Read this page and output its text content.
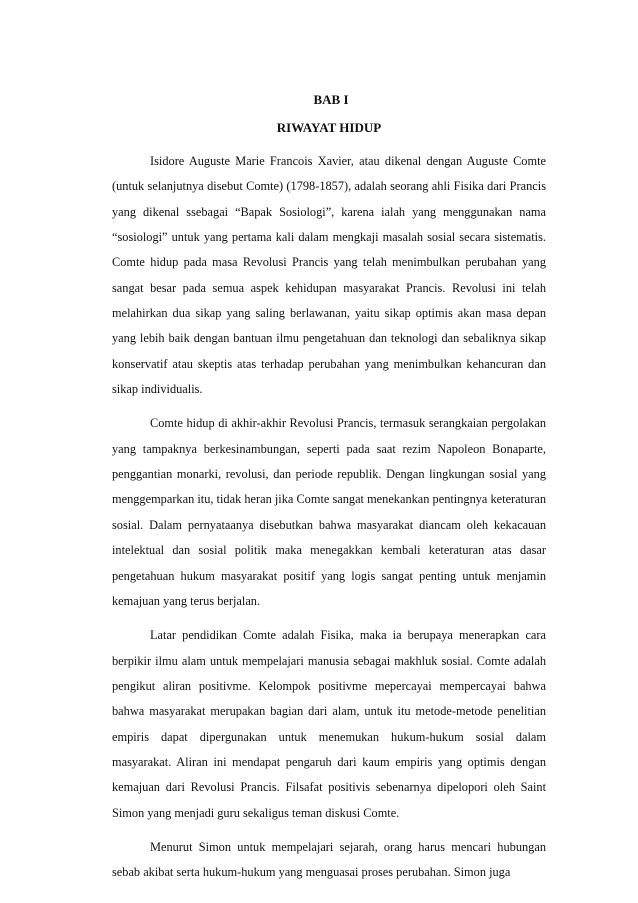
BAB I
RIWAYAT HIDUP

Isidore Auguste Marie Francois Xavier, atau dikenal dengan Auguste Comte (untuk selanjutnya disebut Comte) (1798-1857), adalah seorang ahli Fisika dari Prancis yang dikenal ssebagai “Bapak Sosiologi”, karena ialah yang menggunakan nama “sosiologi” untuk yang pertama kali dalam mengkaji masalah sosial secara sistematis. Comte hidup pada masa Revolusi Prancis yang telah menimbulkan perubahan yang sangat besar pada semua aspek kehidupan masyarakat Prancis. Revolusi ini telah melahirkan dua sikap yang saling berlawanan, yaitu sikap optimis akan masa depan yang lebih baik dengan bantuan ilmu pengetahuan dan teknologi dan sebaliknya sikap konservatif atau skeptis atas terhadap perubahan yang menimbulkan kehancuran dan sikap individualis.

Comte hidup di akhir-akhir Revolusi Prancis, termasuk serangkaian pergolakan yang tampaknya berkesinambungan, seperti pada saat rezim Napoleon Bonaparte, penggantian monarki, revolusi, dan periode republik. Dengan lingkungan sosial yang menggemparkan itu, tidak heran jika Comte sangat menekankan pentingnya keteraturan sosial. Dalam pernyataanya disebutkan bahwa masyarakat diancam oleh kekacauan intelektual dan sosial politik maka menegakkan kembali keteraturan atas dasar pengetahuan hukum masyarakat positif yang logis sangat penting untuk menjamin kemajuan yang terus berjalan.

Latar pendidikan Comte adalah Fisika, maka ia berupaya menerapkan cara berpikir ilmu alam untuk mempelajari manusia sebagai makhluk sosial. Comte adalah pengikut aliran positivme. Kelompok positivme mepercayai mempercayai bahwa bahwa masyarakat merupakan bagian dari alam, untuk itu metode-metode penelitian empiris dapat dipergunakan untuk menemukan hukum-hukum sosial dalam masyarakat. Aliran ini mendapat pengaruh dari kaum empiris yang optimis dengan kemajuan dari Revolusi Prancis. Filsafat positivis sebenarnya dipelopori oleh Saint Simon yang menjadi guru sekaligus teman diskusi Comte.

Menurut Simon untuk mempelajari sejarah, orang harus mencari hubungan sebab akibat serta hukum-hukum yang menguasai proses perubahan. Simon juga
